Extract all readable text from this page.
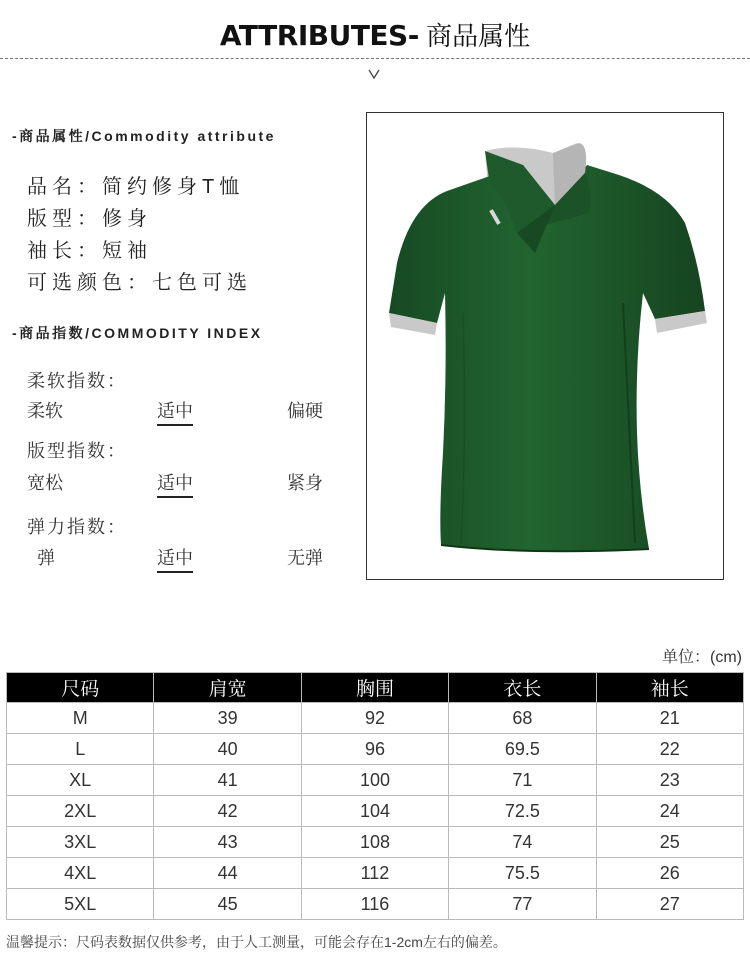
ATTRIBUTES- 商品属性
-商品属性/Commodity attribute
品名：简约修身T恤
版型：修身
袖长：短袖
可选颜色：七色可选
-商品指数/COMMODITY INDEX
柔软指数：
柔软	适中	偏硬
版型指数：
宽松	适中	紧身
弹力指数：
弹	适中	无弹
单位：(cm)
尺码	肩宽	胸围	衣长	袖长
M	39	92	68	21
L	40	96	69.5	22
XL	41	100	71	23
2XL	42	104	72.5	24
3XL	43	108	74	25
4XL	44	112	75.5	26
5XL	45	116	77	27
温馨提示：尺码表数据仅供参考，由于人工测量，可能会存在1-2cm左右的偏差。
